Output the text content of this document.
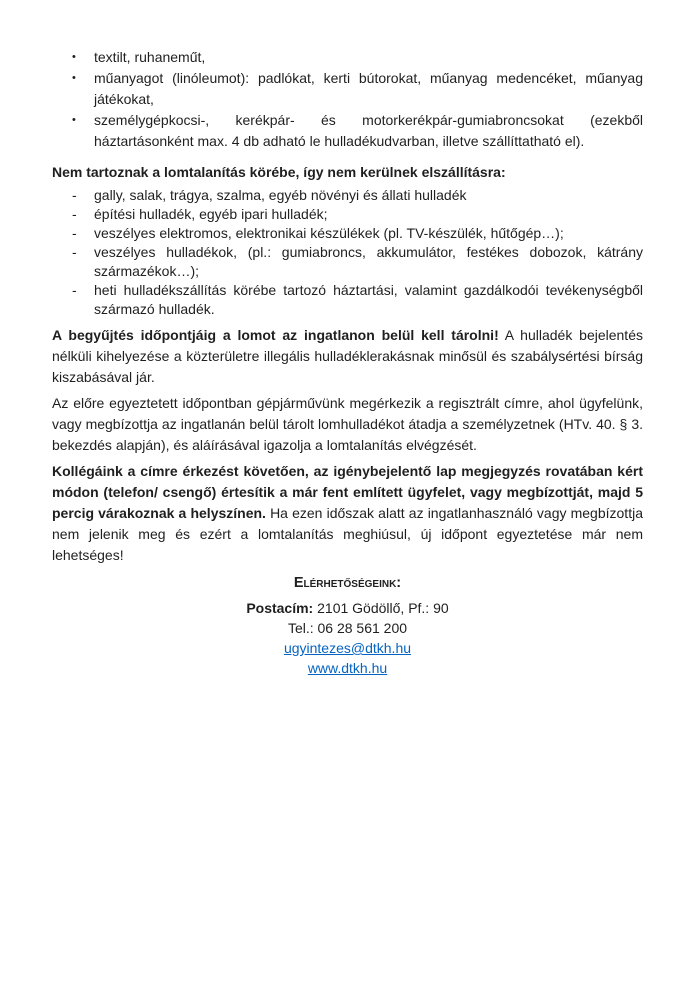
• textilt, ruhaneműt,
• műanyagot (linóleumot): padlókat, kerti bútorokat, műanyag medencéket, műanyag játékokat,
• személygépkocsi-, kerékpár- és motorkerékpár-gumiabroncsokat (ezekből háztartásonként max. 4 db adható le hulladékudvarban, illetve szállíttatható el).
Nem tartoznak a lomtalanítás körébe, így nem kerülnek elszállításra:
- gally, salak, trágya, szalma, egyéb növényi és állati hulladék
- építési hulladék, egyéb ipari hulladék;
- veszélyes elektromos, elektronikai készülékek (pl. TV-készülék, hűtőgép…);
- veszélyes hulladékok, (pl.: gumiabroncs, akkumulátor, festékes dobozok, kátrány származékok…);
- heti hulladékszállítás körébe tartozó háztartási, valamint gazdálkodói tevékenységből származó hulladék.

A begyűjtés időpontjáig a lomot az ingatlanon belül kell tárolni! A hulladék bejelentés nélküli kihelyezése a közterületre illegális hulladéklerakásnak minősül és szabálysértési bírság kiszabásával jár.

Az előre egyeztetett időpontban gépjárművünk megérkezik a regisztrált címre, ahol ügyfelünk, vagy megbízottja az ingatlanán belül tárolt lomhulladékot átadja a személyzetnek (HTv. 40. § 3. bekezdés alapján), és aláírásával igazolja a lomtalanítás elvégzését.

Kollégáink a címre érkezést követően, az igénybejelentő lap megjegyzés rovatában kért módon (telefon/ csengő) értesítik a már fent említett ügyfelet, vagy megbízottját, majd 5 percig várakoznak a helyszínen. Ha ezen időszak alatt az ingatlanhasználó vagy megbízottja nem jelenik meg és ezért a lomtalanítás meghiúsul, új időpont egyeztetése már nem lehetséges!

Elérhetőségeink:
Postacím: 2101 Gödöllő, Pf.: 90
Tel.: 06 28 561 200
ugyintezes@dtkh.hu
www.dtkh.hu
